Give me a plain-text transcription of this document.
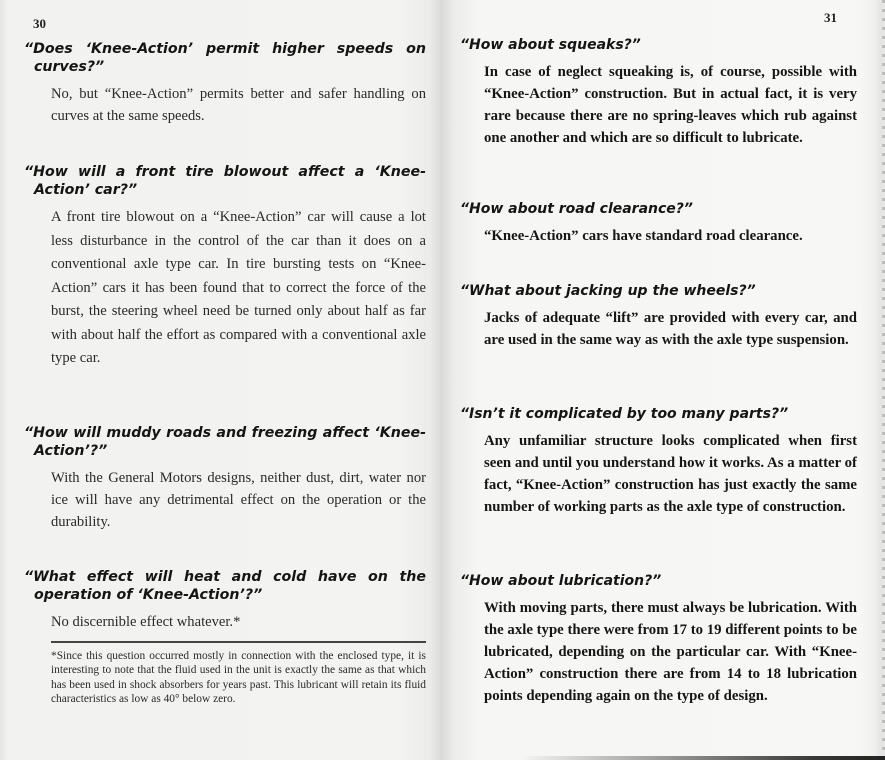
30

“Does ‘Knee-Action’ permit higher speeds on curves?”

No, but “Knee-Action” permits better and safer handling on curves at the same speeds.

“How will a front tire blowout affect a ‘Knee-Action’ car?”

A front tire blowout on a “Knee-Action” car will cause a lot less disturbance in the control of the car than it does on a conventional axle type car. In tire bursting tests on “Knee-Action” cars it has been found that to correct the force of the burst, the steering wheel need be turned only about half as far with about half the effort as compared with a conventional axle type car.

“How will muddy roads and freezing affect ‘Knee-Action’?”

With the General Motors designs, neither dust, dirt, water nor ice will have any detrimental effect on the operation or the durability.

“What effect will heat and cold have on the operation of ‘Knee-Action’?”

No discernible effect whatever.*

*Since this question occurred mostly in connection with the enclosed type, it is interesting to note that the fluid used in the unit is exactly the same as that which has been used in shock absorbers for years past. This lubricant will retain its fluid characteristics as low as 40° below zero.

31

“How about squeaks?”

In case of neglect squeaking is, of course, possible with “Knee-Action” construction. But in actual fact, it is very rare because there are no spring-leaves which rub against one another and which are so difficult to lubricate.

“How about road clearance?”

“Knee-Action” cars have standard road clearance.

“What about jacking up the wheels?”

Jacks of adequate “lift” are provided with every car, and are used in the same way as with the axle type suspension.

“Isn’t it complicated by too many parts?”

Any unfamiliar structure looks complicated when first seen and until you understand how it works. As a matter of fact, “Knee-Action” construction has just exactly the same number of working parts as the axle type of construction.

“How about lubrication?”

With moving parts, there must always be lubrication. With the axle type there were from 17 to 19 different points to be lubricated, depending on the particular car. With “Knee-Action” construction there are from 14 to 18 lubrication points depending again on the type of design.
